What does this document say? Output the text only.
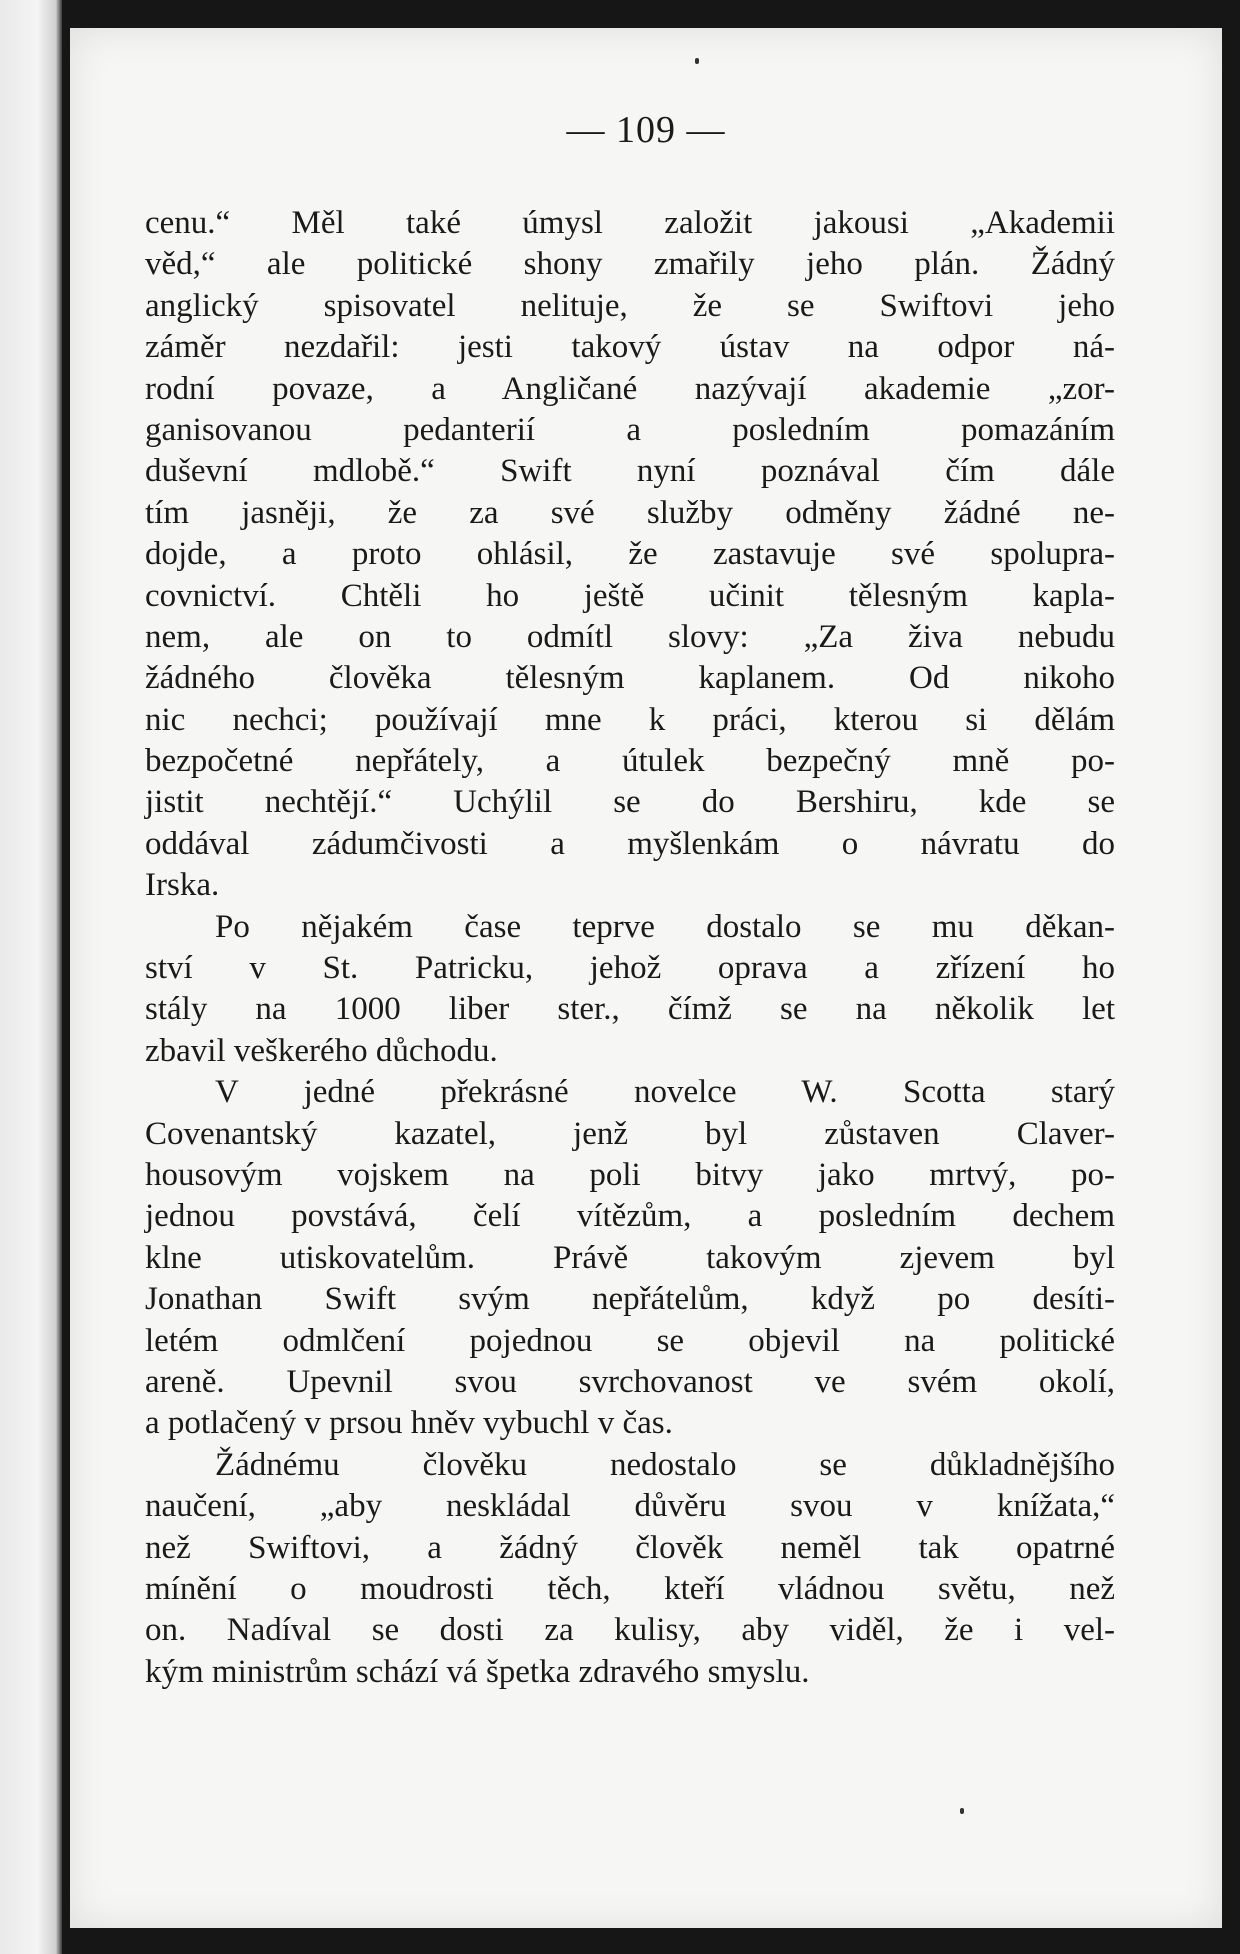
— 109 —
cenu.“ Měl také úmysl založit jakousi „Akademii
věd,“ ale politické shony zmařily jeho plán. Žádný
anglický spisovatel nelituje, že se Swiftovi jeho
záměr nezdařil: jesti takový ústav na odpor ná-
rodní povaze, a Angličané nazývají akademie „zor-
ganisovanou pedanterií a posledním pomazáním
duševní mdlobě.“ Swift nyní poznával čím dále
tím jasněji, že za své služby odměny žádné ne-
dojde, a proto ohlásil, že zastavuje své spolupra-
covnictví. Chtěli ho ještě učinit tělesným kapla-
nem, ale on to odmítl slovy: „Za živa nebudu
žádného člověka tělesným kaplanem. Od nikoho
nic nechci; používají mne k práci, kterou si dělám
bezpočetné nepřátely, a útulek bezpečný mně po-
jistit nechtějí.“ Uchýlil se do Bershiru, kde se
oddával zádumčivosti a myšlenkám o návratu do
Irska.
Po nějakém čase teprve dostalo se mu děkan-
ství v St. Patricku, jehož oprava a zřízení ho
stály na 1000 liber ster., čímž se na několik let
zbavil veškerého důchodu.
V jedné překrásné novelce W. Scotta starý
Covenantský kazatel, jenž byl zůstaven Claver-
housovým vojskem na poli bitvy jako mrtvý, po-
jednou povstává, čelí vítězům, a posledním dechem
klne utiskovatelům. Právě takovým zjevem byl
Jonathan Swift svým nepřátelům, když po desíti-
letém odmlčení pojednou se objevil na politické
areně. Upevnil svou svrchovanost ve svém okolí,
a potlačený v prsou hněv vybuchl v čas.
Žádnému člověku nedostalo se důkladnějšího
naučení, „aby neskládal důvěru svou v knížata,“
než Swiftovi, a žádný člověk neměl tak opatrné
mínění o moudrosti těch, kteří vládnou světu, než
on. Nadíval se dosti za kulisy, aby viděl, že i vel-
kým ministrům schází vá špetka zdravého smyslu.
